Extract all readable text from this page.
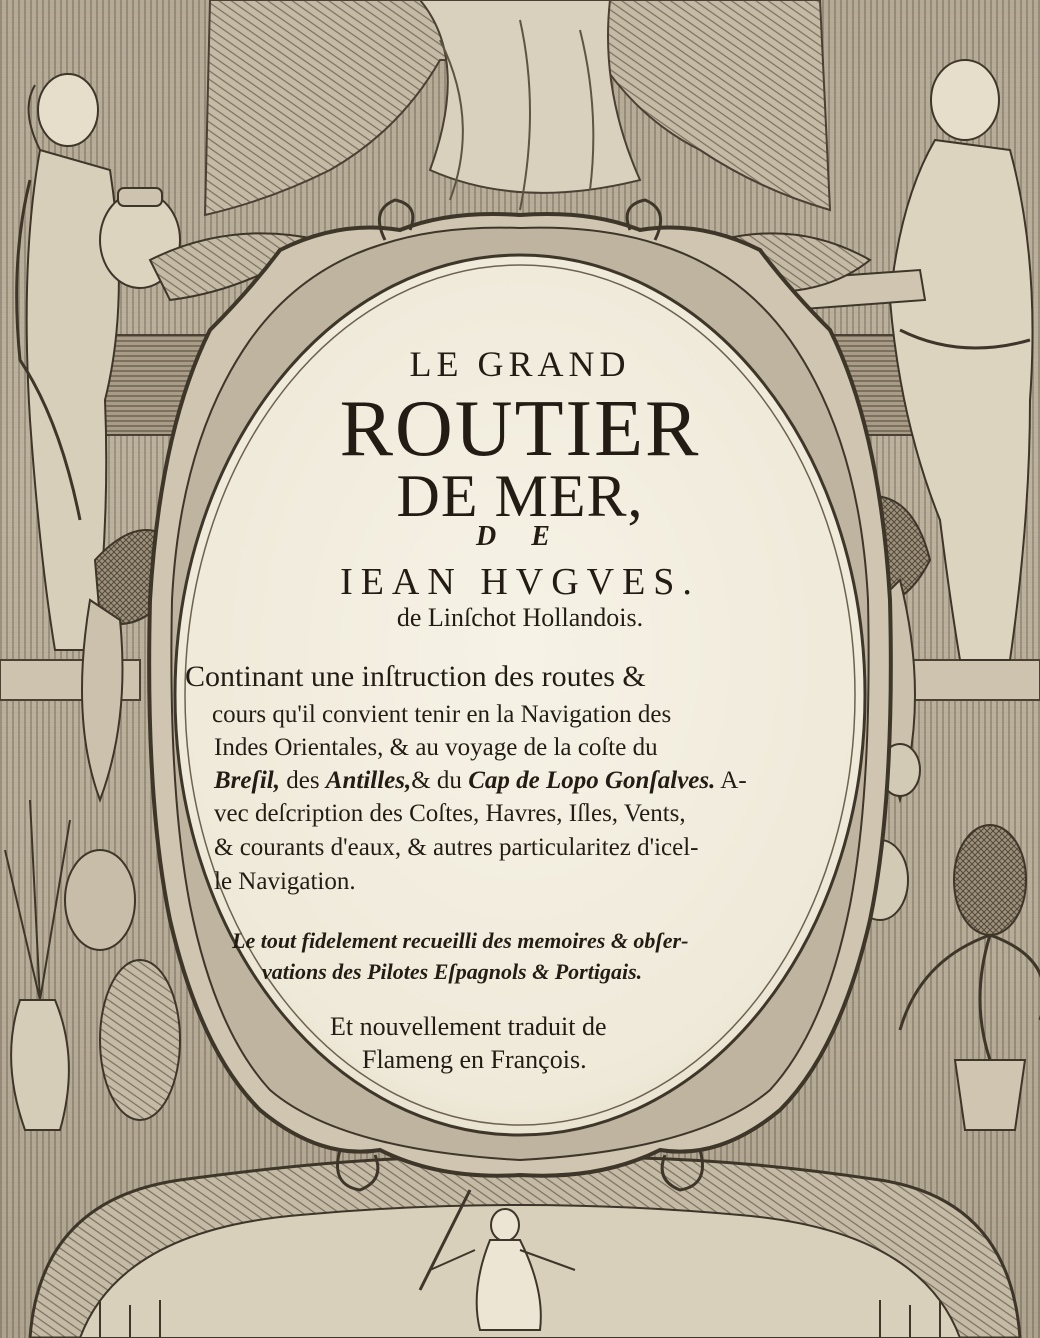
LE GRAND
ROUTIER
DE MER,
D E
IEAN HVGVES.
de Linſchot Hollandois.
Continant une inſtruction des routes &
cours qu'il convient tenir en la Navigation des
Indes Orientales, & au voyage de la coſte du
Breſil, des Antilles,& du Cap de Lopo Gonſalves. A-
vec deſcription des Coſtes, Havres, Iſles, Vents,
& courants d'eaux, & autres particularitez d'icel-
le Navigation.
Le tout fidelement recueilli des memoires & obſer-
vations des Pilotes Eſpagnols & Portigais.
Et nouvellement traduit de
Flameng en François.
